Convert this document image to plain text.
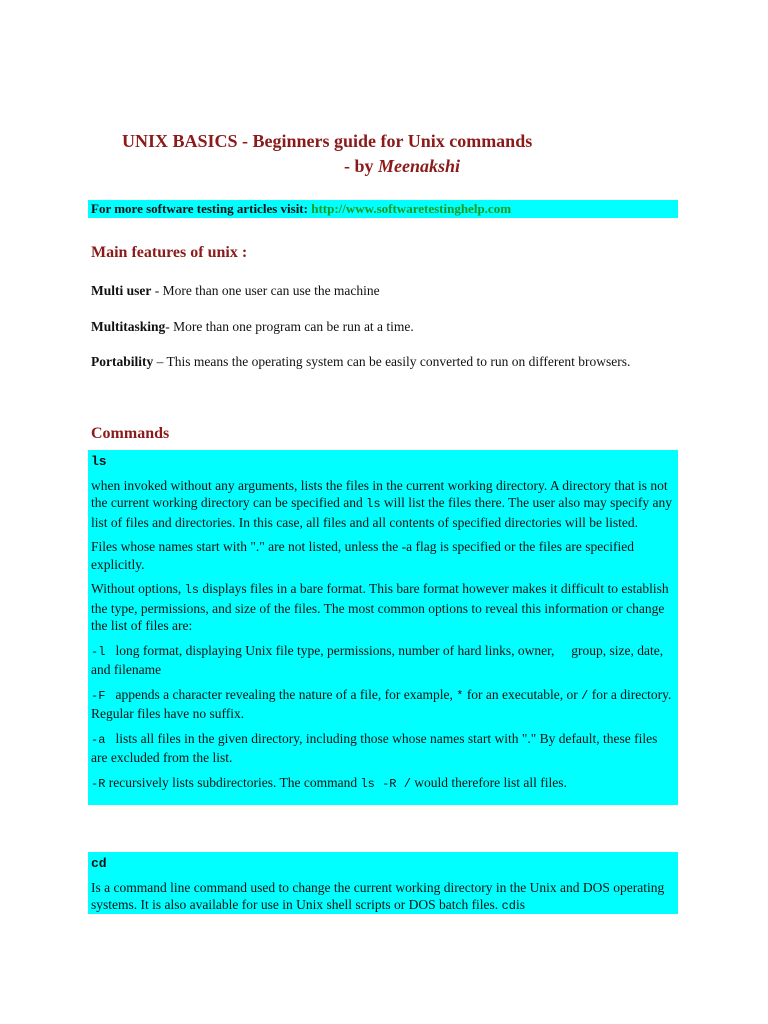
UNIX BASICS - Beginners guide for Unix commands
- by Meenakshi
For more software testing articles visit: http://www.softwaretestinghelp.com
Main features of unix :
Multi user - More than one user can use the machine
Multitasking- More than one program can be run at a time.
Portability – This means the operating system can be easily converted to run on different browsers.
Commands
ls

when invoked without any arguments, lists the files in the current working directory. A directory that is not the current working directory can be specified and ls will list the files there. The user also may specify any list of files and directories. In this case, all files and all contents of specified directories will be listed.

Files whose names start with "." are not listed, unless the -a flag is specified or the files are specified explicitly.

Without options, ls displays files in a bare format. This bare format however makes it difficult to establish the type, permissions, and size of the files. The most common options to reveal this information or change the list of files are:

-l   long format, displaying Unix file type, permissions, number of hard links, owner,     group, size, date, and filename

-F   appends a character revealing the nature of a file, for example, * for an executable, or / for a directory. Regular files have no suffix.

-a   lists all files in the given directory, including those whose names start with "." By default, these files are excluded from the list.

-R recursively lists subdirectories. The command ls -R / would therefore list all files.

cd

Is a command line command used to change the current working directory in the Unix and DOS operating systems. It is also available for use in Unix shell scripts or DOS batch files. cdis
